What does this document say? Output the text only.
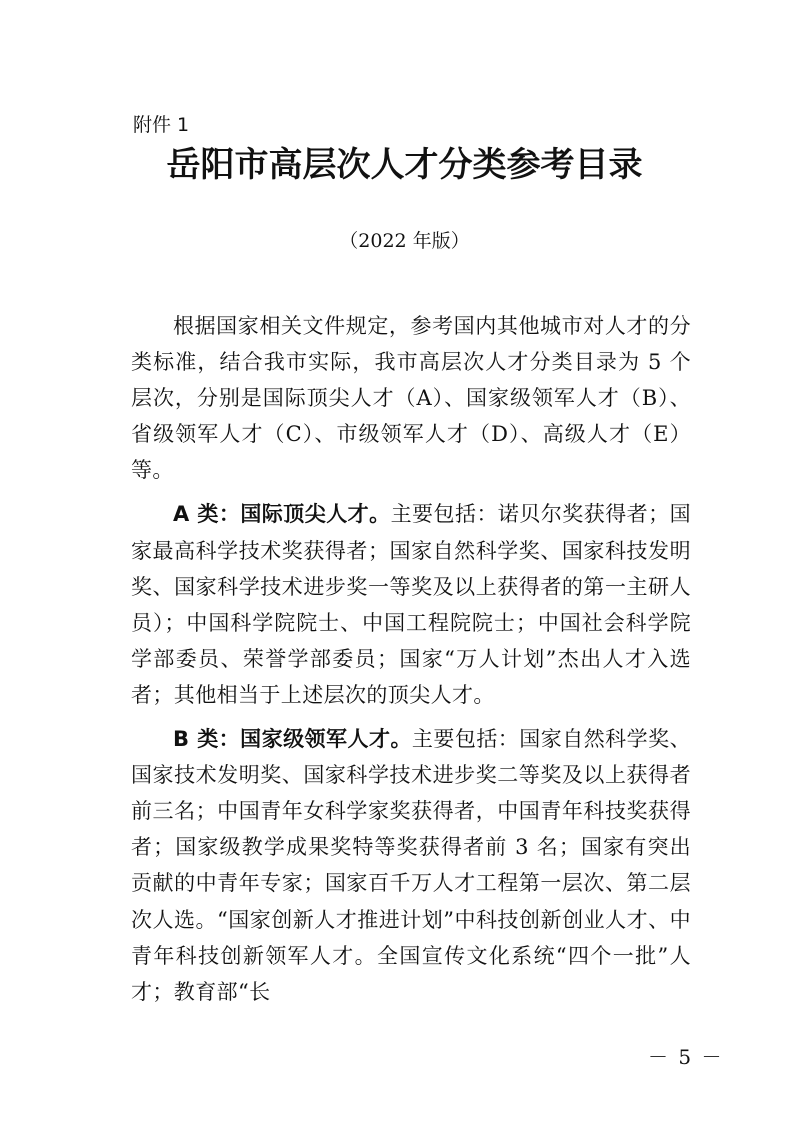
附件 1
岳阳市高层次人才分类参考目录
（2022 年版）

根据国家相关文件规定，参考国内其他城市对人才的分类标准，结合我市实际，我市高层次人才分类目录为 5 个层次，分别是国际顶尖人才（A）、国家级领军人才（B）、省级领军人才（C）、市级领军人才（D）、高级人才（E）等。

A 类：国际顶尖人才。主要包括：诺贝尔奖获得者；国家最高科学技术奖获得者；国家自然科学奖、国家科技发明奖、国家科学技术进步奖一等奖及以上获得者的第一主研人员）；中国科学院院士、中国工程院院士；中国社会科学院学部委员、荣誉学部委员；国家“万人计划”杰出人才入选者；其他相当于上述层次的顶尖人才。

B 类：国家级领军人才。主要包括：国家自然科学奖、国家技术发明奖、国家科学技术进步奖二等奖及以上获得者前三名；中国青年女科学家奖获得者，中国青年科技奖获得者；国家级教学成果奖特等奖获得者前 3 名；国家有突出贡献的中青年专家；国家百千万人才工程第一层次、第二层次人选。“国家创新人才推进计划”中科技创新创业人才、中青年科技创新领军人才。全国宣传文化系统“四个一批”人才；教育部“长

－ 5 －
